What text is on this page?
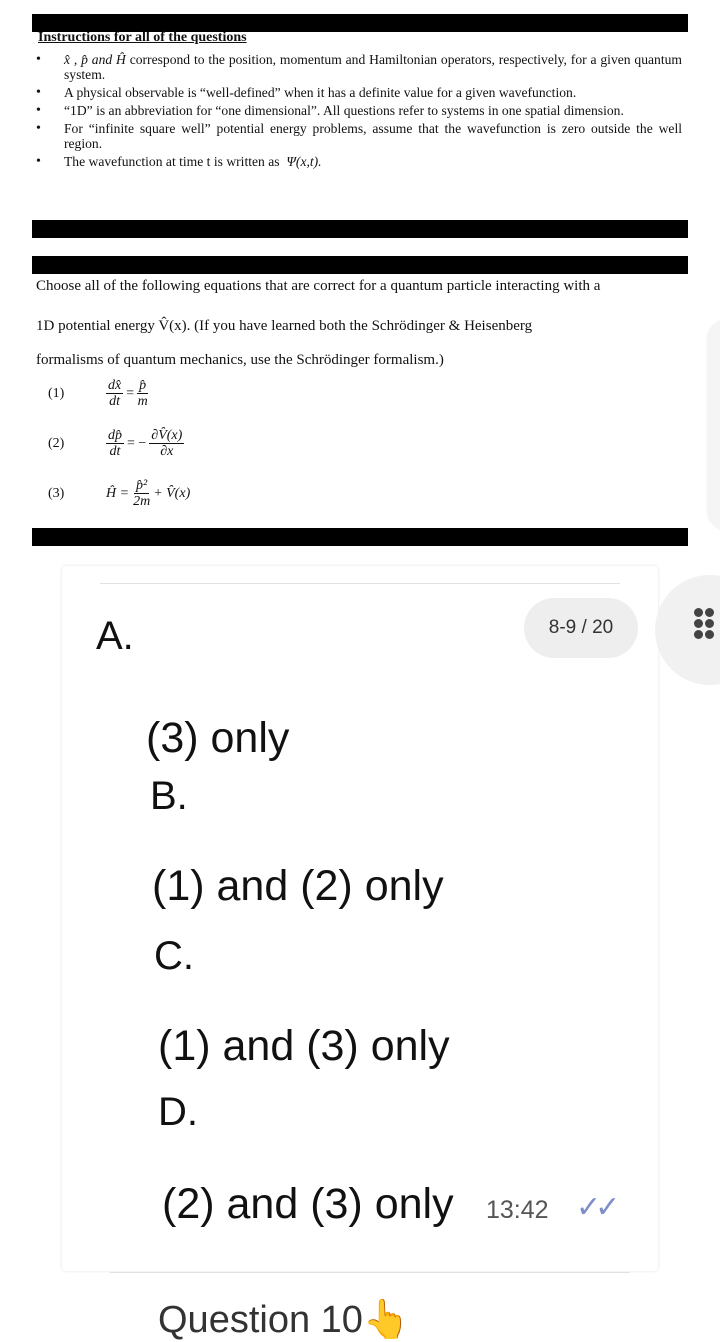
Instructions for all of the questions
• x̂ , p̂ and Ĥ correspond to the position, momentum and Hamiltonian operators, respectively, for a given quantum system.
• A physical observable is “well-defined” when it has a definite value for a given wavefunction.
• “1D” is an abbreviation for “one dimensional”. All questions refer to systems in one spatial dimension.
• For “infinite square well” potential energy problems, assume that the wavefunction is zero outside the well region.
• The wavefunction at time t is written as Ψ(x,t).
Choose all of the following equations that are correct for a quantum particle interacting with a
1D potential energy V̂(x). (If you have learned both the Schrödinger & Heisenberg
formalisms of quantum mechanics, use the Schrödinger formalism.)
(1)	$\frac{dx̂}{dt} = \frac{p̂}{m}$
(2)	$\frac{dp̂}{dt}$ = − $\frac{\partial V̂(x)}{\partial x}$
(3)	Ĥ = $\frac{\text{p̂²}}{2m}$ + V̂(x)
8-9 / 20
A.
(3) only
B.
(1) and (2) only
C.
(1) and (3) only
D.
(2) and (3) only 13:42 ✓✓
Question 10👆
